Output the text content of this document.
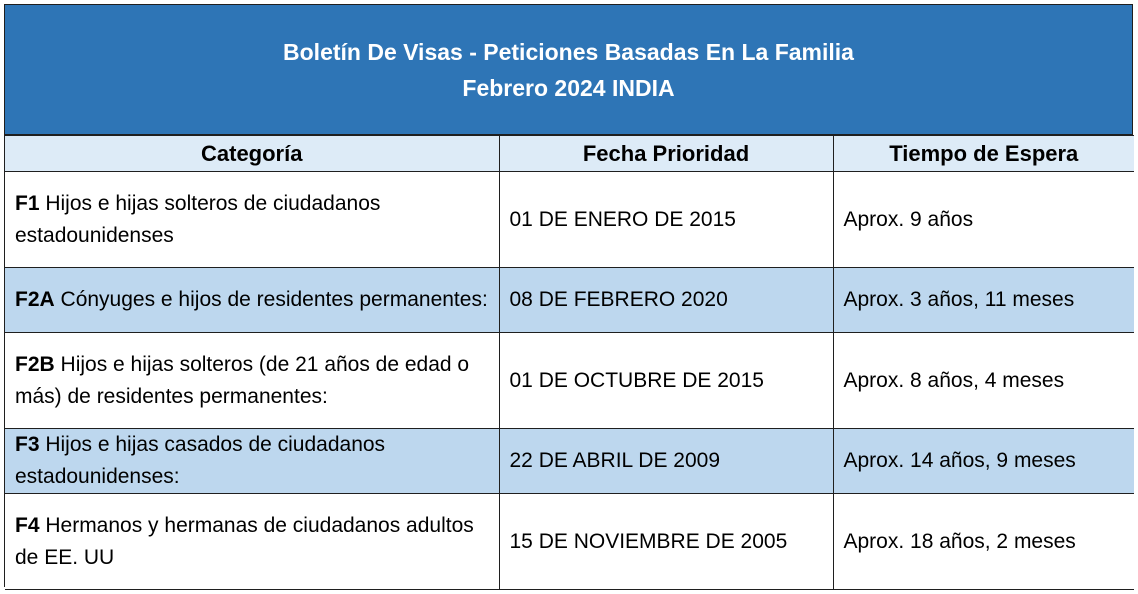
Boletín De Visas - Peticiones Basadas En La Familia
Febrero 2024 INDIA
Categoría	Fecha Prioridad	Tiempo de Espera
F1 Hijos e hijas solteros de ciudadanos estadounidenses	01 DE ENERO DE 2015	Aprox. 9 años
F2A Cónyuges e hijos de residentes permanentes:	08 DE FEBRERO 2020	Aprox. 3 años, 11 meses
F2B Hijos e hijas solteros (de 21 años de edad o más) de residentes permanentes:	01 DE OCTUBRE DE 2015	Aprox. 8 años, 4 meses
F3 Hijos e hijas casados de ciudadanos estadounidenses:	22 DE ABRIL DE 2009	Aprox. 14 años, 9 meses
F4 Hermanos y hermanas de ciudadanos adultos de EE. UU	15 DE NOVIEMBRE DE 2005	Aprox. 18 años, 2 meses
